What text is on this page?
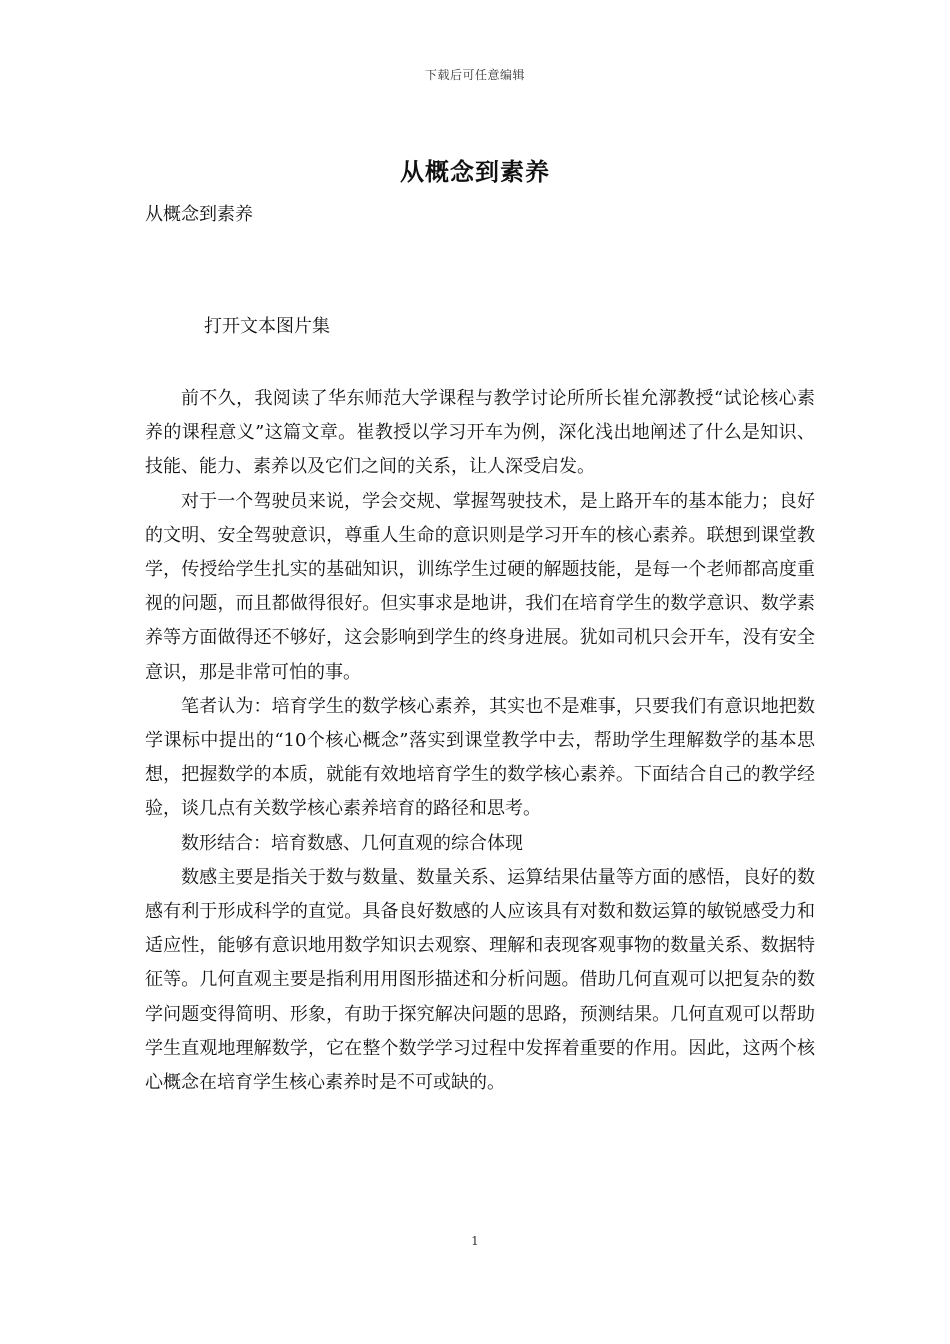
下载后可任意编辑
从概念到素养
从概念到素养
打开文本图片集

前不久，我阅读了华东师范大学课程与教学讨论所所长崔允漷教授“试论核心素养的课程意义”这篇文章。崔教授以学习开车为例，深化浅出地阐述了什么是知识、技能、能力、素养以及它们之间的关系，让人深受启发。

对于一个驾驶员来说，学会交规、掌握驾驶技术，是上路开车的基本能力；良好的文明、安全驾驶意识，尊重人生命的意识则是学习开车的核心素养。联想到课堂教学，传授给学生扎实的基础知识，训练学生过硬的解题技能，是每一个老师都高度重视的问题，而且都做得很好。但实事求是地讲，我们在培育学生的数学意识、数学素养等方面做得还不够好，这会影响到学生的终身进展。犹如司机只会开车，没有安全意识，那是非常可怕的事。

笔者认为：培育学生的数学核心素养，其实也不是难事，只要我们有意识地把数学课标中提出的“10个核心概念”落实到课堂教学中去，帮助学生理解数学的基本思想，把握数学的本质，就能有效地培育学生的数学核心素养。下面结合自己的教学经验，谈几点有关数学核心素养培育的路径和思考。

数形结合：培育数感、几何直观的综合体现

数感主要是指关于数与数量、数量关系、运算结果估量等方面的感悟，良好的数感有利于形成科学的直觉。具备良好数感的人应该具有对数和数运算的敏锐感受力和适应性，能够有意识地用数学知识去观察、理解和表现客观事物的数量关系、数据特征等。几何直观主要是指利用用图形描述和分析问题。借助几何直观可以把复杂的数学问题变得简明、形象，有助于探究解决问题的思路，预测结果。几何直观可以帮助学生直观地理解数学，它在整个数学学习过程中发挥着重要的作用。因此，这两个核心概念在培育学生核心素养时是不可或缺的。

1
